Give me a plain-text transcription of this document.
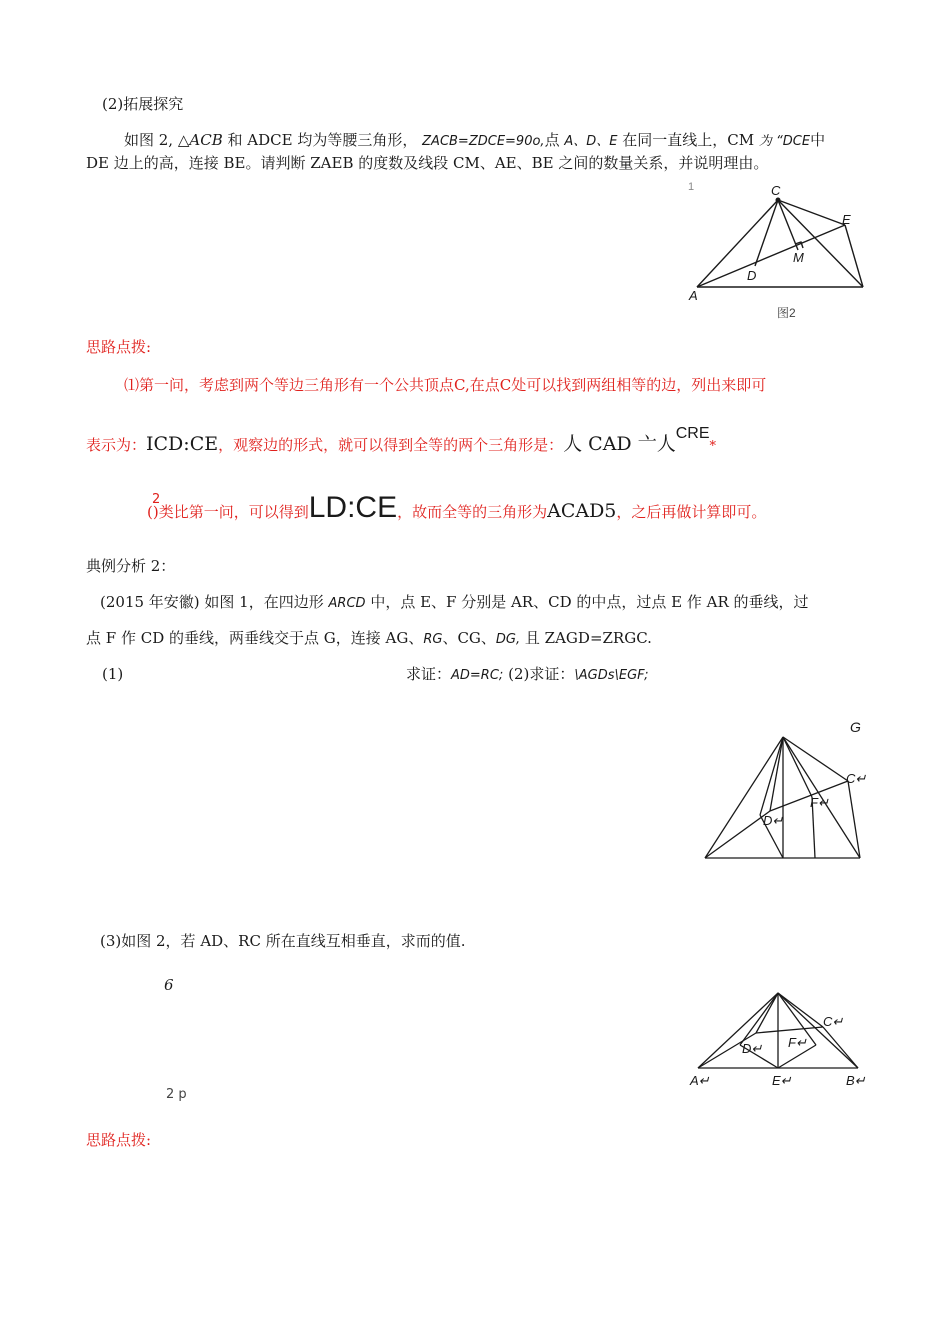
(2)拓展探究
如图 2, △ACB 和 ADCE 均为等腰三角形， ZACB=ZDCE=90o,点 A、D、E 在同一直线上，CM 为 “DCE中
DE 边上的高，连接 BE。请判断 ZAEB 的度数及线段 CM、AE、BE 之间的数量关系，并说明理由。
1	C
E
M
D
A
图2
思路点拨:
⑴第一问，考虑到两个等边三角形有一个公共顶点C,在点C处可以找到两组相等的边，列出来即可
表示为：ICD:CE，观察边的形式，就可以得到全等的两个三角形是：人 CAD 亠人CRE*
2
()类比第一问，可以得到LD:CE，故而全等的三角形为ACAD5，之后再做计算即可。
典例分析 2：
(2015 年安徽) 如图 1，在四边形 ARCD 中，点 E、F 分别是 AR、CD 的中点，过点 E 作 AR 的垂线，过
点 F 作 CD 的垂线，两垂线交于点 G，连接 AG、RG、CG、DG, 且 ZAGD=ZRGC.
(1)	求证：AD=RC; (2)求证：\AGDs\EGF;
G
C↵
F↵
D↵
(3)如图 2，若 AD、RC 所在直线互相垂直，求而的值.
6
2 p
C↵
D↵ F↵
A↵	E↵	B↵
思路点拨:
